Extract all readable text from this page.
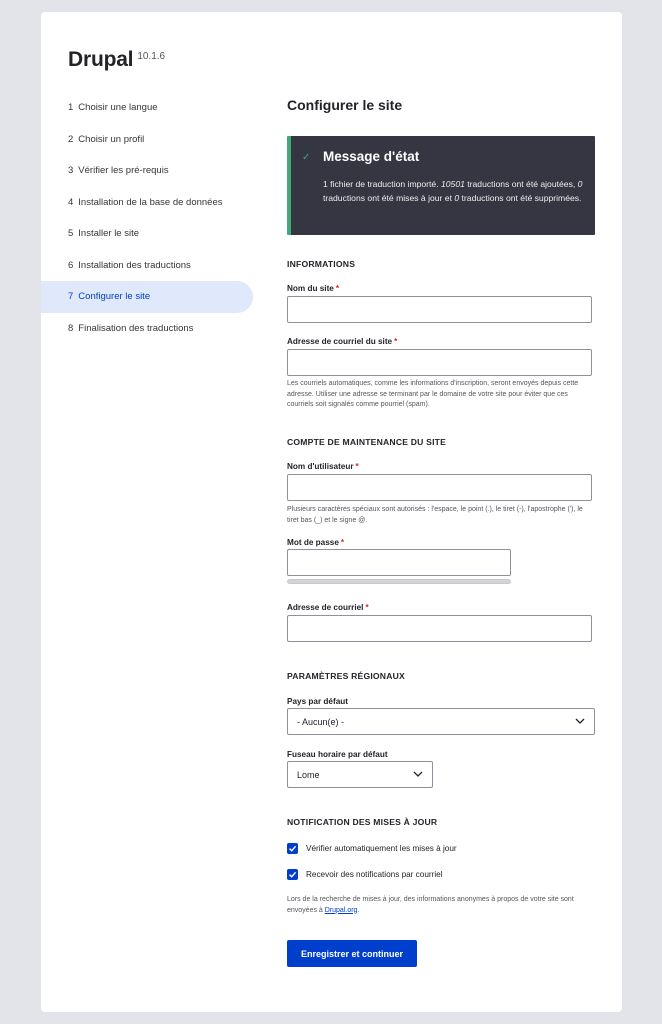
Drupal 10.1.6
1 Choisir une langue
2 Choisir un profil
3 Vérifier les pré-requis
4 Installation de la base de données
5 Installer le site
6 Installation des traductions
7 Configurer le site
8 Finalisation des traductions
Configurer le site
✓ Message d'état
1 fichier de traduction importé. 10501 traductions ont été ajoutées, 0 traductions ont été mises à jour et 0 traductions ont été supprimées.
INFORMATIONS
Nom du site *
Adresse de courriel du site *

Les courriels automatiques, comme les informations d'inscription, seront envoyés depuis cette adresse. Utiliser une adresse se terminant par le domaine de votre site pour éviter que ces courriels soit signalés comme pourriel (spam).

COMPTE DE MAINTENANCE DU SITE
Nom d'utilisateur *

Plusieurs caractères spéciaux sont autorisés : l'espace, le point (.), le tiret (-), l'apostrophe ('), le tiret bas (_) et le signe @.

Mot de passe *
Adresse de courriel *
PARAMÈTRES RÉGIONAUX
Pays par défaut
- Aucun(e) -
Fuseau horaire par défaut
Lome
NOTIFICATION DES MISES À JOUR
Vérifier automatiquement les mises à jour
Recevoir des notifications par courriel

Lors de la recherche de mises à jour, des informations anonymes à propos de votre site sont envoyées à Drupal.org.

Enregistrer et continuer
